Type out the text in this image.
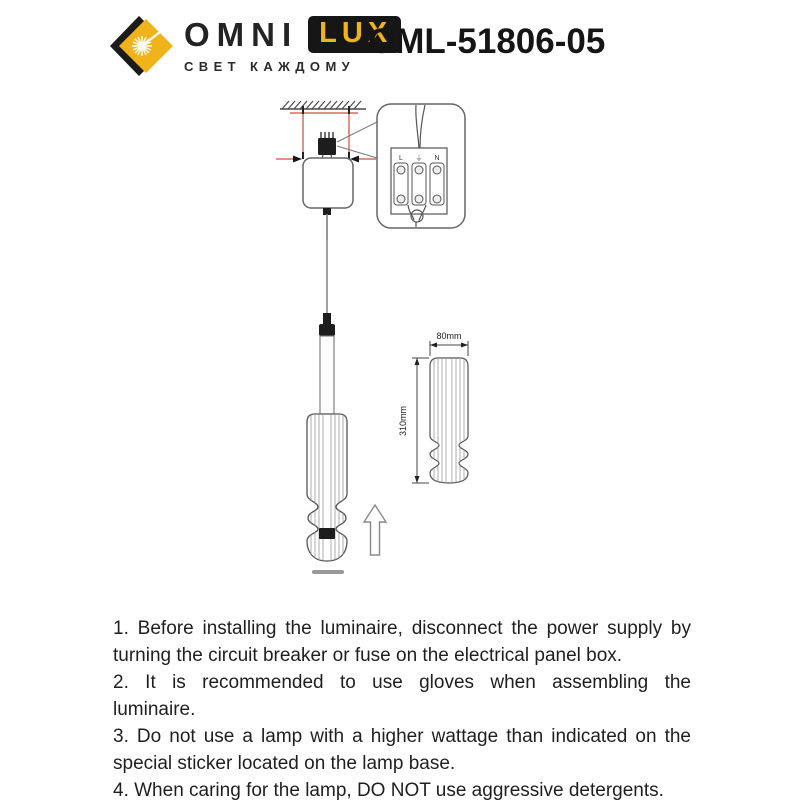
OMNI LUX
СВЕТ КАЖДОМУ
OML-51806-05
L ⏚ N
80mm
310mm
1. Before installing the luminaire, disconnect the power supply by
turning the circuit breaker or fuse on the electrical panel box.
2. It is recommended to use gloves when assembling the
luminaire.
3. Do not use a lamp with a higher wattage than indicated on the
special sticker located on the lamp base.
4. When caring for the lamp, DO NOT use aggressive detergents.
